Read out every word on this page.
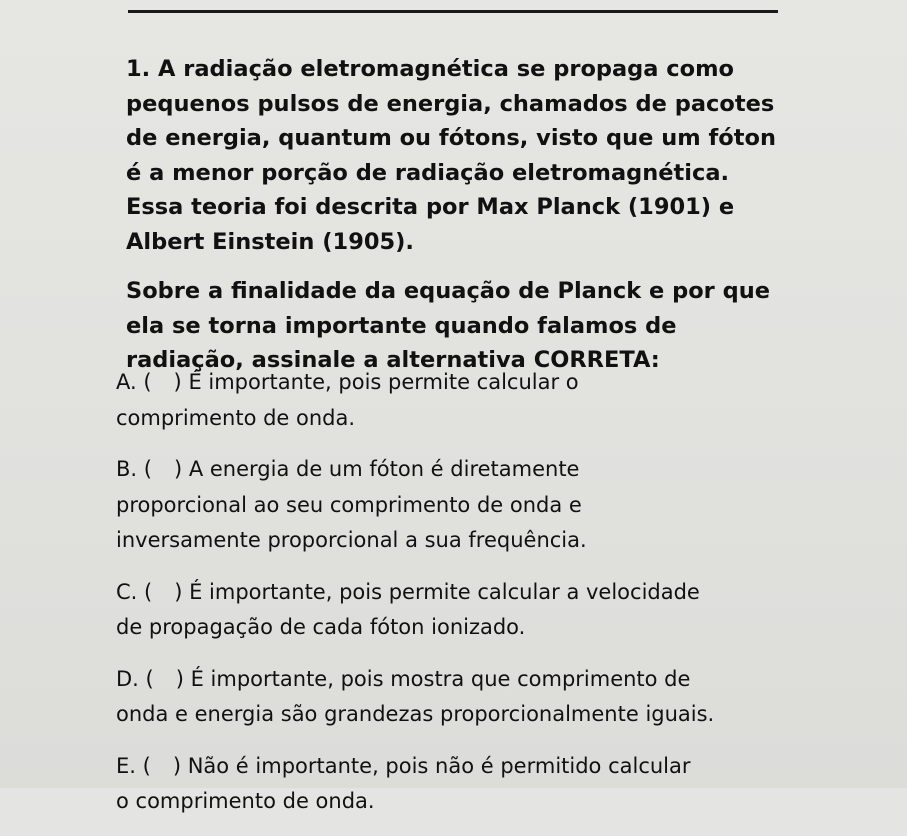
1. A radiação eletromagnética se propaga como
pequenos pulsos de energia, chamados de pacotes
de energia, quantum ou fótons, visto que um fóton
é a menor porção de radiação eletromagnética.
Essa teoria foi descrita por Max Planck (1901) e
Albert Einstein (1905).

Sobre a finalidade da equação de Planck e por que
ela se torna importante quando falamos de
radiação, assinale a alternativa CORRETA:

A. ( ) É importante, pois permite calcular o
comprimento de onda.

B. ( ) A energia de um fóton é diretamente
proporcional ao seu comprimento de onda e
inversamente proporcional a sua frequência.

C. ( ) É importante, pois permite calcular a velocidade
de propagação de cada fóton ionizado.

D. ( ) É importante, pois mostra que comprimento de
onda e energia são grandezas proporcionalmente iguais.

E. ( ) Não é importante, pois não é permitido calcular
o comprimento de onda.
